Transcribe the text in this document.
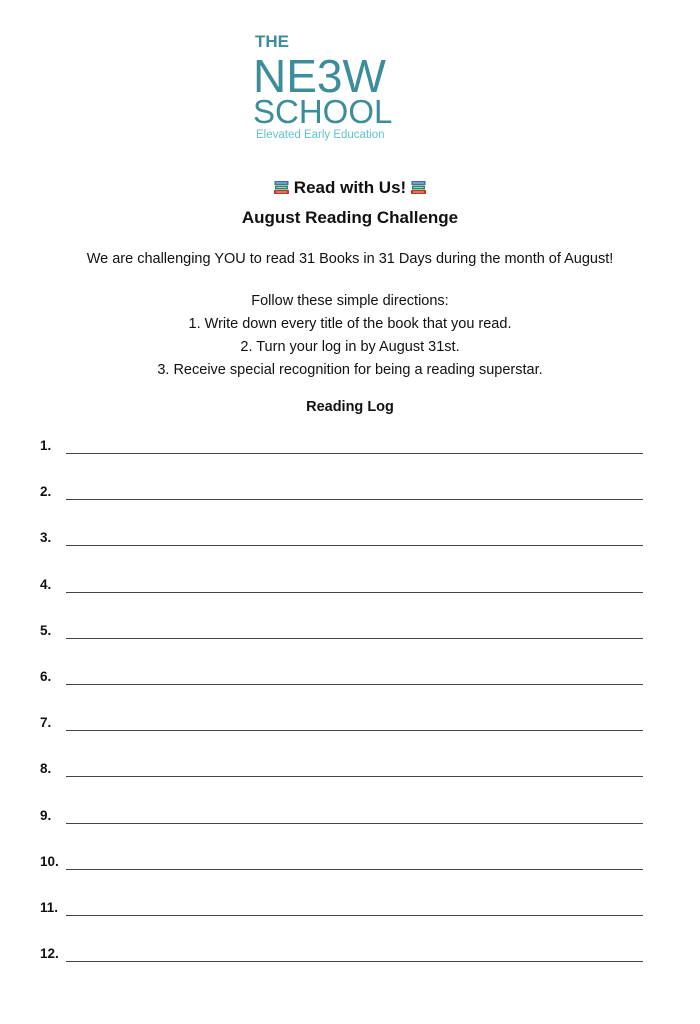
THE
NE3W
SCHOOL
Elevated Early Education
Read with Us!
August Reading Challenge
We are challenging YOU to read 31 Books in 31 Days during the month of August!
Follow these simple directions:
1. Write down every title of the book that you read.
2. Turn your log in by August 31st.
3. Receive special recognition for being a reading superstar.
Reading Log
1.
2.
3.
4.
5.
6.
7.
8.
9.
10.
11.
12.
